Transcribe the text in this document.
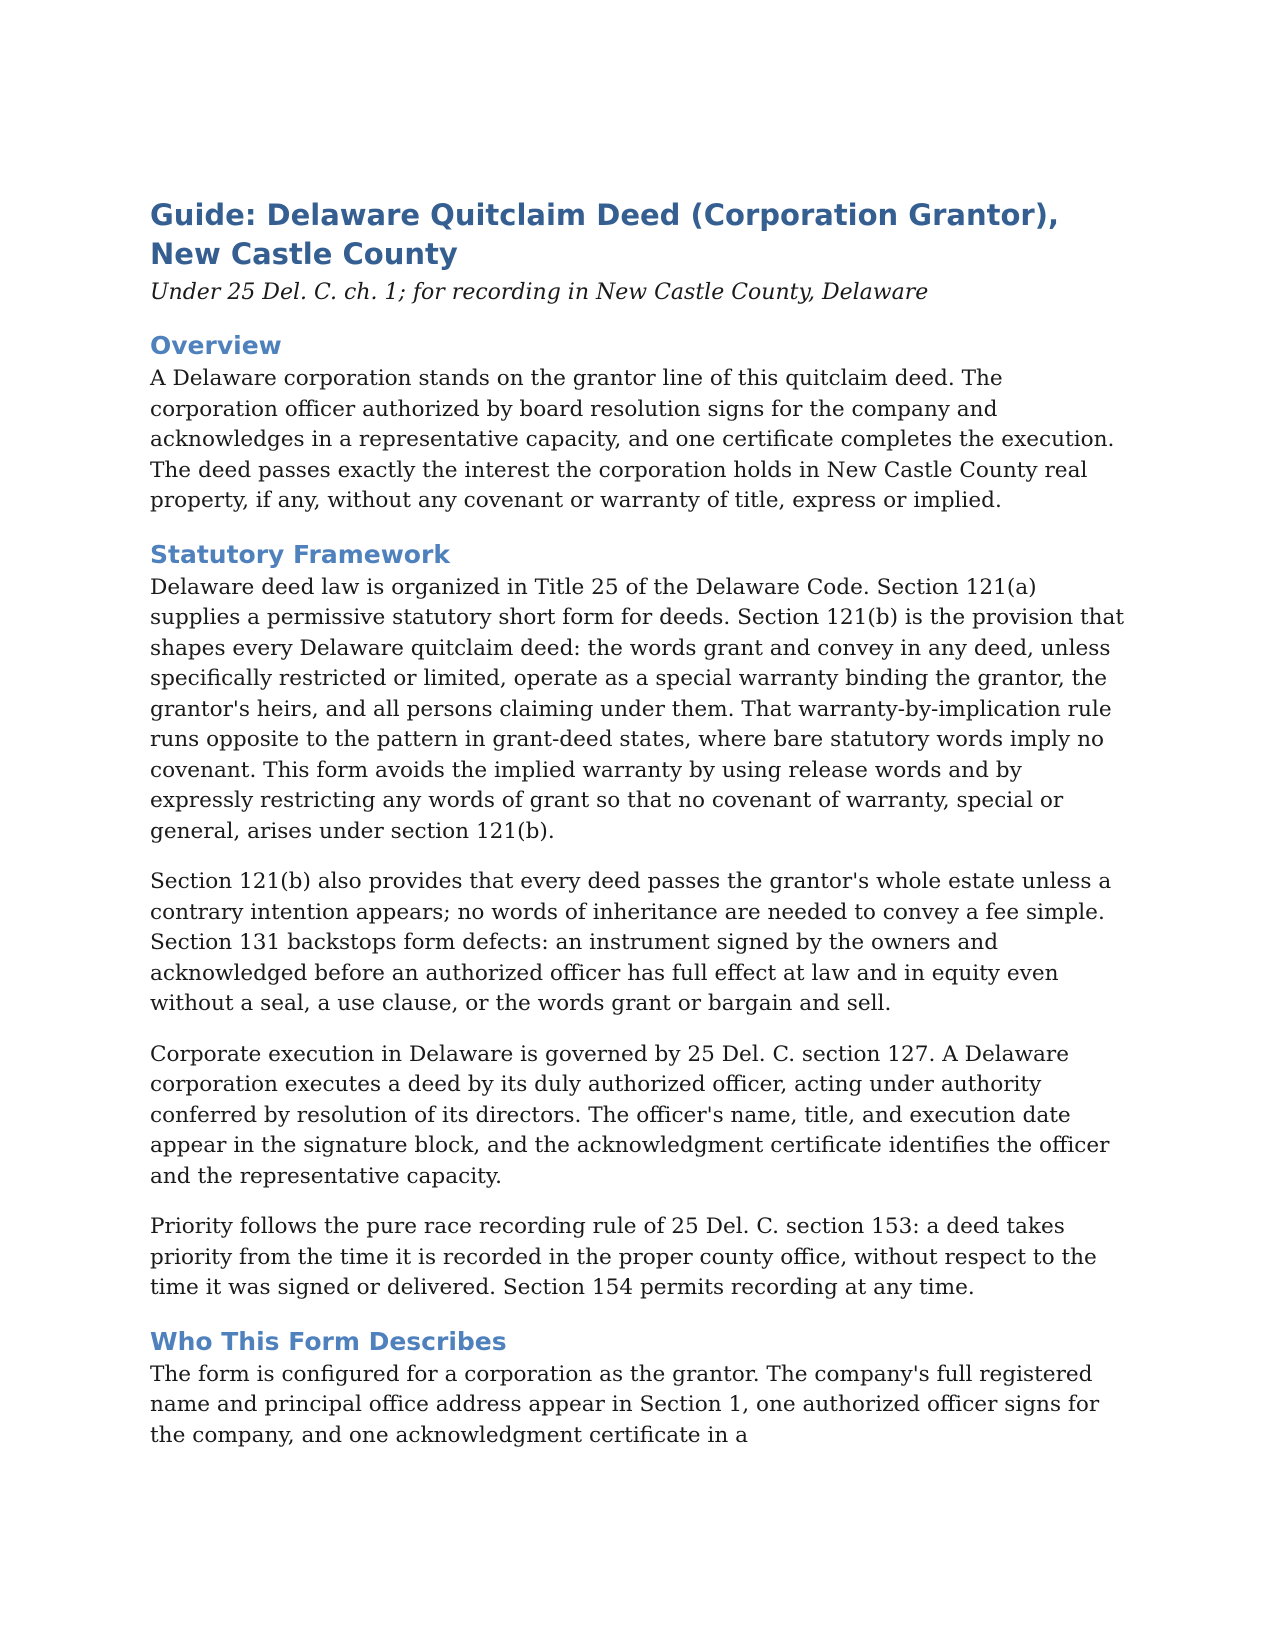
Guide: Delaware Quitclaim Deed (Corporation Grantor), New Castle County
Under 25 Del. C. ch. 1; for recording in New Castle County, Delaware
Overview

A Delaware corporation stands on the grantor line of this quitclaim deed. The corporation officer authorized by board resolution signs for the company and acknowledges in a representative capacity, and one certificate completes the execution. The deed passes exactly the interest the corporation holds in New Castle County real property, if any, without any covenant or warranty of title, express or implied.

Statutory Framework

Delaware deed law is organized in Title 25 of the Delaware Code. Section 121(a) supplies a permissive statutory short form for deeds. Section 121(b) is the provision that shapes every Delaware quitclaim deed: the words grant and convey in any deed, unless specifically restricted or limited, operate as a special warranty binding the grantor, the grantor's heirs, and all persons claiming under them. That warranty-by-implication rule runs opposite to the pattern in grant-deed states, where bare statutory words imply no covenant. This form avoids the implied warranty by using release words and by expressly restricting any words of grant so that no covenant of warranty, special or general, arises under section 121(b).

Section 121(b) also provides that every deed passes the grantor's whole estate unless a contrary intention appears; no words of inheritance are needed to convey a fee simple. Section 131 backstops form defects: an instrument signed by the owners and acknowledged before an authorized officer has full effect at law and in equity even without a seal, a use clause, or the words grant or bargain and sell.

Corporate execution in Delaware is governed by 25 Del. C. section 127. A Delaware corporation executes a deed by its duly authorized officer, acting under authority conferred by resolution of its directors. The officer's name, title, and execution date appear in the signature block, and the acknowledgment certificate identifies the officer and the representative capacity.

Priority follows the pure race recording rule of 25 Del. C. section 153: a deed takes priority from the time it is recorded in the proper county office, without respect to the time it was signed or delivered. Section 154 permits recording at any time.

Who This Form Describes

The form is configured for a corporation as the grantor. The company's full registered name and principal office address appear in Section 1, one authorized officer signs for the company, and one acknowledgment certificate in a
